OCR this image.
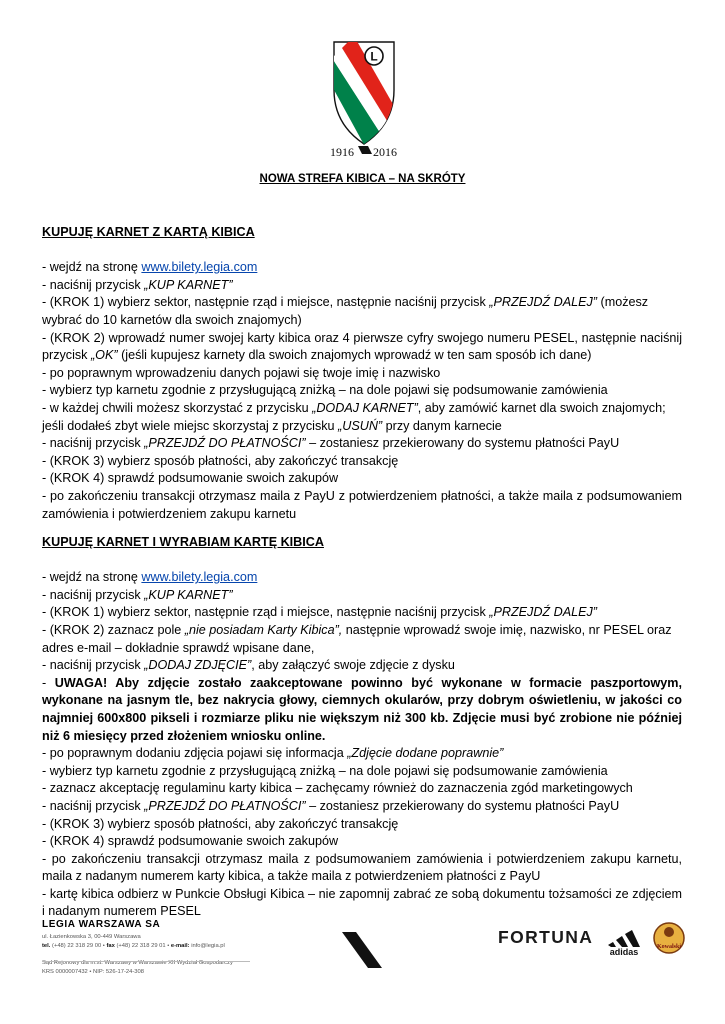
L
1916 2016
NOWA STREFA KIBICA – NA SKRÓTY

KUPUJĘ KARNET Z KARTĄ KIBICA

- wejdź na stronę www.bilety.legia.com

- naciśnij przycisk „KUP KARNET”

- (KROK 1) wybierz sektor, następnie rząd i miejsce, następnie naciśnij przycisk „PRZEJDŹ DALEJ” (możesz wybrać do 10 karnetów dla swoich znajomych)

- (KROK 2) wprowadź numer swojej karty kibica oraz 4 pierwsze cyfry swojego numeru PESEL, następnie naciśnij przycisk „OK” (jeśli kupujesz karnety dla swoich znajomych wprowadź w ten sam sposób ich dane)

- po poprawnym wprowadzeniu danych pojawi się twoje imię i nazwisko

- wybierz typ karnetu zgodnie z przysługującą zniżką – na dole pojawi się podsumowanie zamówienia

- w każdej chwili możesz skorzystać z przycisku „DODAJ KARNET”, aby zamówić karnet dla swoich znajomych; jeśli dodałeś zbyt wiele miejsc skorzystaj z przycisku „USUŃ” przy danym karnecie

- naciśnij przycisk „PRZEJDŹ DO PŁATNOŚCI” – zostaniesz przekierowany do systemu płatności PayU

- (KROK 3) wybierz sposób płatności, aby zakończyć transakcję

- (KROK 4) sprawdź podsumowanie swoich zakupów

- po zakończeniu transakcji otrzymasz maila z PayU z potwierdzeniem płatności, a także maila z podsumowaniem zamówienia i potwierdzeniem zakupu karnetu

KUPUJĘ KARNET I WYRABIAM KARTĘ KIBICA

- wejdź na stronę www.bilety.legia.com

- naciśnij przycisk „KUP KARNET”

- (KROK 1) wybierz sektor, następnie rząd i miejsce, następnie naciśnij przycisk „PRZEJDŹ DALEJ”

- (KROK 2) zaznacz pole „nie posiadam Karty Kibica”, następnie wprowadź swoje imię, nazwisko, nr PESEL oraz adres e-mail – dokładnie sprawdź wpisane dane,

- naciśnij przycisk „DODAJ ZDJĘCIE”, aby załączyć swoje zdjęcie z dysku

- UWAGA! Aby zdjęcie zostało zaakceptowane powinno być wykonane w formacie paszportowym, wykonane na jasnym tle, bez nakrycia głowy, ciemnych okularów, przy dobrym oświetleniu, w jakości co najmniej 600x800 pikseli i rozmiarze pliku nie większym niż 300 kb. Zdjęcie musi być zrobione nie później niż 6 miesięcy przed złożeniem wniosku online.

- po poprawnym dodaniu zdjęcia pojawi się informacja „Zdjęcie dodane poprawnie”

- wybierz typ karnetu zgodnie z przysługującą zniżką – na dole pojawi się podsumowanie zamówienia

- zaznacz akceptację regulaminu karty kibica – zachęcamy również do zaznaczenia zgód marketingowych

- naciśnij przycisk „PRZEJDŹ DO PŁATNOŚCI” – zostaniesz przekierowany do systemu płatności PayU

- (KROK 3) wybierz sposób płatności, aby zakończyć transakcję

- (KROK 4) sprawdź podsumowanie swoich zakupów

- po zakończeniu transakcji otrzymasz maila z podsumowaniem zamówienia i potwierdzeniem zakupu karnetu, maila z nadanym numerem karty kibica, a także maila z potwierdzeniem płatności z PayU

- kartę kibica odbierz w Punkcie Obsługi Kibica – nie zapomnij zabrać ze sobą dokumentu tożsamości ze zdjęciem i nadanym numerem PESEL

LEGIA WARSZAWA SA
ul. Łazienkowska 3, 00-449 Warszawa
tel. (+48) 22 318 29 00 • fax (+48) 22 318 29 01 • e-mail: info@legia.pl
Sąd Rejonowy dla m.st. Warszawy w Warszawie XII Wydział Gospodarczy
KRS 0000007432 • NIP: 526-17-24-308
FORTUNA
adidas	Kowalski
